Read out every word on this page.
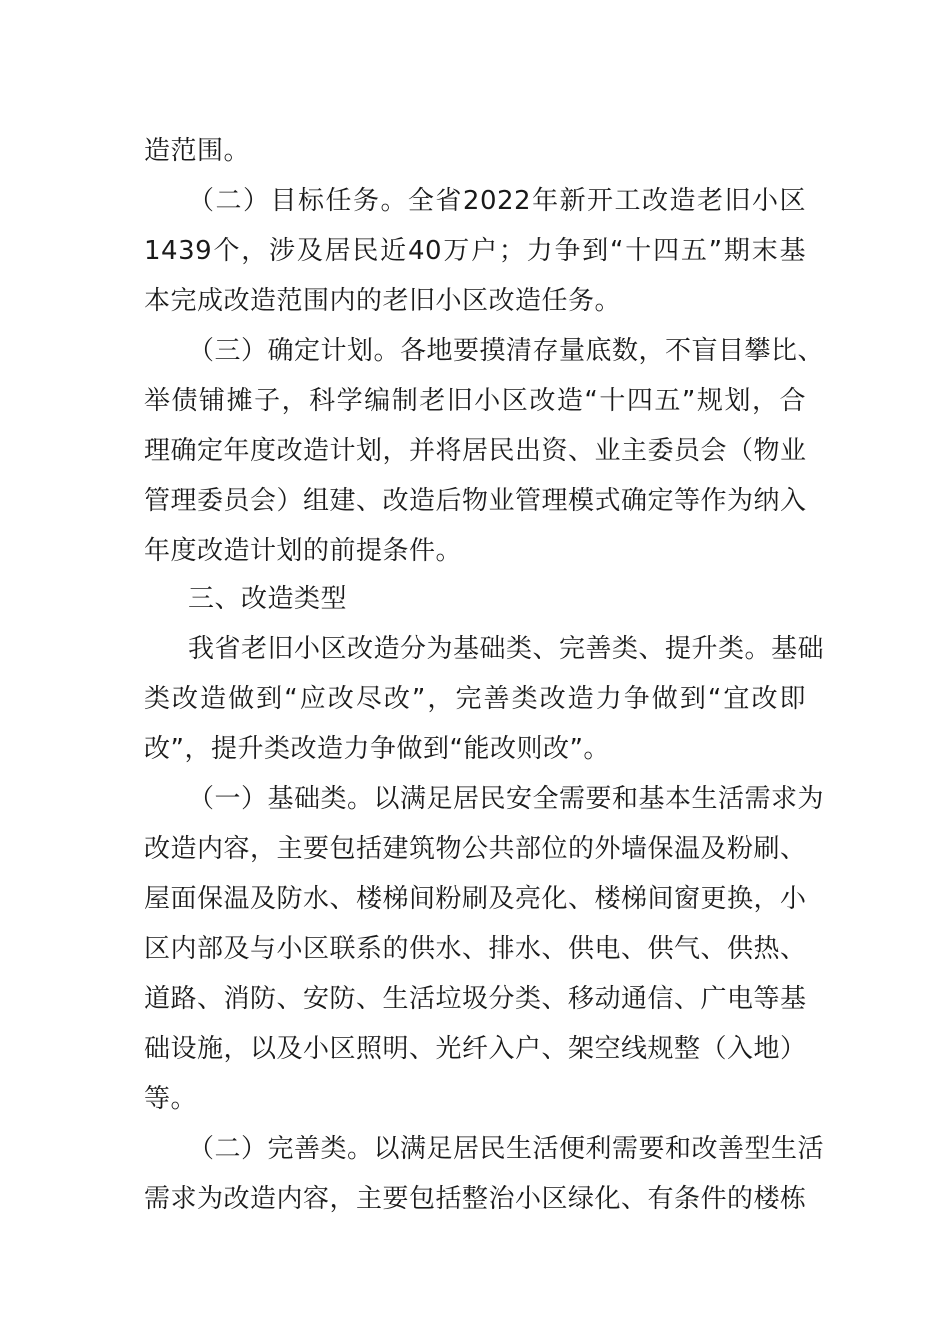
造范围。
（二）目标任务。全省2022年新开工改造老旧小区
1439个，涉及居民近40万户；力争到“十四五”期末基
本完成改造范围内的老旧小区改造任务。
（三）确定计划。各地要摸清存量底数，不盲目攀比、
举债铺摊子，科学编制老旧小区改造“十四五”规划，合
理确定年度改造计划，并将居民出资、业主委员会（物业
管理委员会）组建、改造后物业管理模式确定等作为纳入
年度改造计划的前提条件。
三、改造类型
我省老旧小区改造分为基础类、完善类、提升类。基础
类改造做到“应改尽改”，完善类改造力争做到“宜改即
改”，提升类改造力争做到“能改则改”。
（一）基础类。以满足居民安全需要和基本生活需求为
改造内容，主要包括建筑物公共部位的外墙保温及粉刷、
屋面保温及防水、楼梯间粉刷及亮化、楼梯间窗更换，小
区内部及与小区联系的供水、排水、供电、供气、供热、
道路、消防、安防、生活垃圾分类、移动通信、广电等基
础设施，以及小区照明、光纤入户、架空线规整（入地）
等。
（二）完善类。以满足居民生活便利需要和改善型生活
需求为改造内容，主要包括整治小区绿化、有条件的楼栋
